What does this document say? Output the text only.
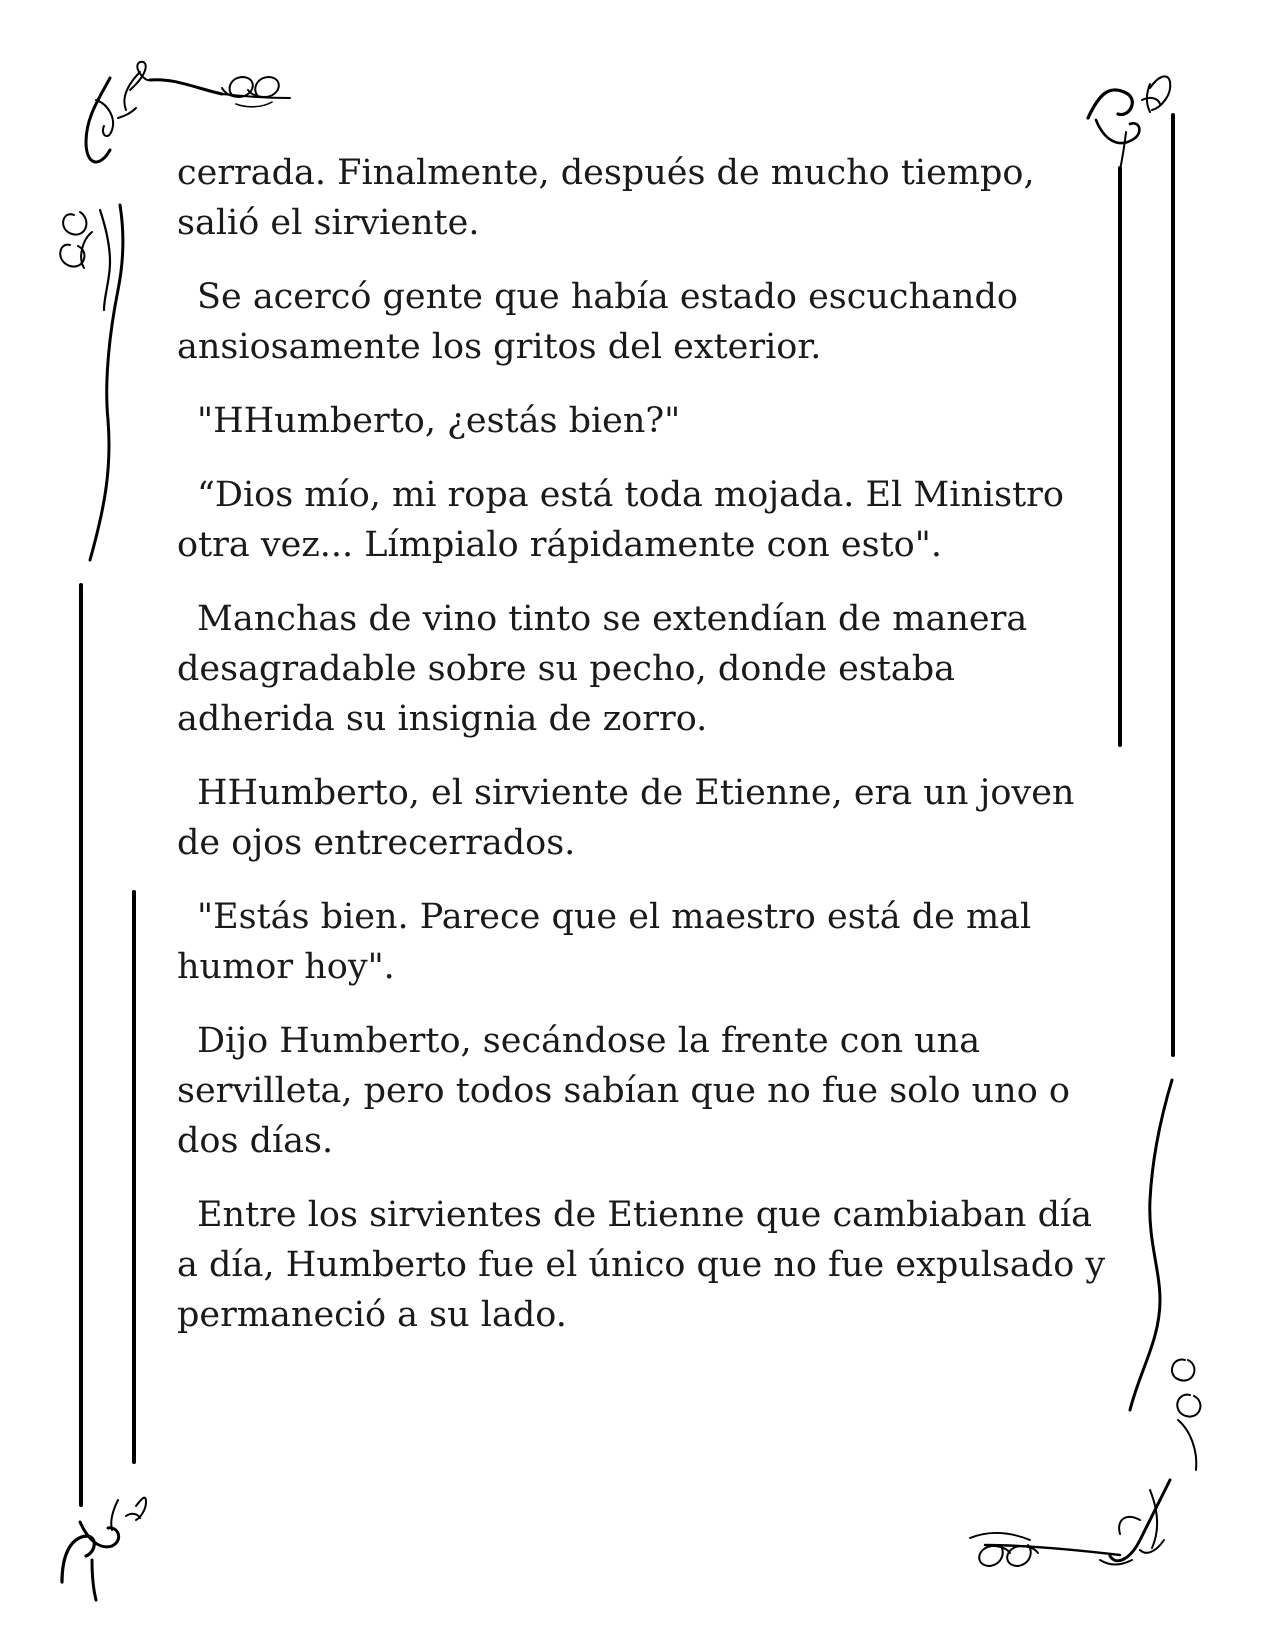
cerrada. Finalmente, después de mucho tiempo, salió el sirviente.

Se acercó gente que había estado escuchando ansiosamente los gritos del exterior.

"HHumberto, ¿estás bien?"

“Dios mío, mi ropa está toda mojada. El Ministro otra vez... Límpialo rápidamente con esto".

Manchas de vino tinto se extendían de manera desagradable sobre su pecho, donde estaba adherida su insignia de zorro.

HHumberto, el sirviente de Etienne, era un joven de ojos entrecerrados.

"Estás bien. Parece que el maestro está de mal humor hoy".

Dijo Humberto, secándose la frente con una servilleta, pero todos sabían que no fue solo uno o dos días.

Entre los sirvientes de Etienne que cambiaban día a día, Humberto fue el único que no fue expulsado y permaneció a su lado.
